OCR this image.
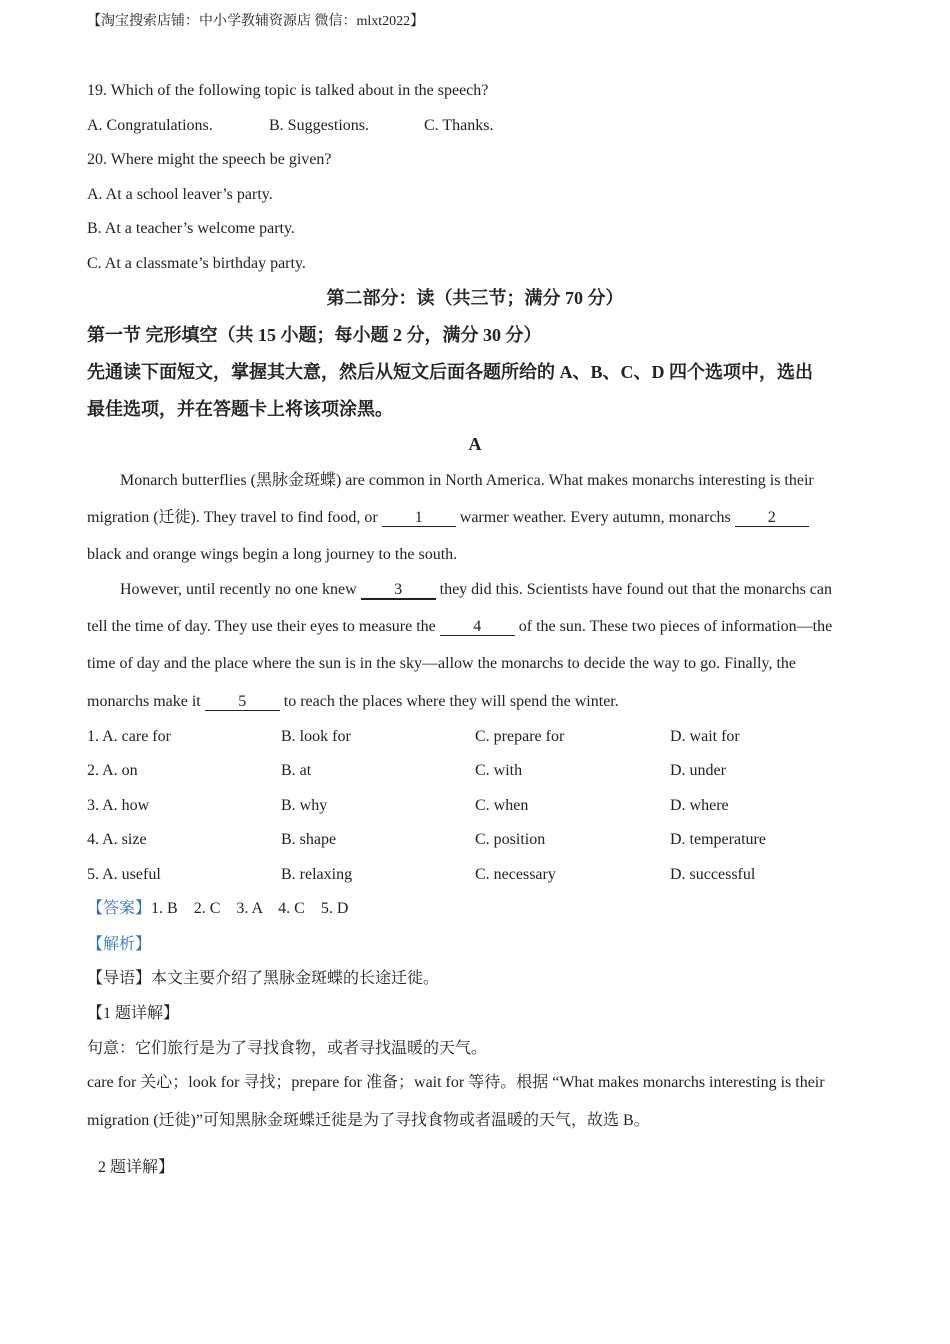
【淘宝搜索店铺：中小学教辅资源店 微信：mlxt2022】
19. Which of the following topic is talked about in the speech?
A. Congratulations.	B. Suggestions.	C. Thanks.
20. Where might the speech be given?
A. At a school leaver’s party.
B. At a teacher’s welcome party.
C. At a classmate’s birthday party.
第二部分：读（共三节；满分 70 分）
第一节 完形填空（共 15 小题；每小题 2 分，满分 30 分）
先通读下面短文，掌握其大意，然后从短文后面各题所给的 A、B、C、D 四个选项中，选出
最佳选项，并在答题卡上将该项涂黑。
A
Monarch butterflies (黑脉金斑蝶) are common in North America. What makes monarchs interesting is their
migration (迁徙). They travel to find food, or 1 warmer weather. Every autumn, monarchs 2
black and orange wings begin a long journey to the south.
However, until recently no one knew 3 they did this. Scientists have found out that the monarchs can
tell the time of day. They use their eyes to measure the 4 of the sun. These two pieces of information—the
time of day and the place where the sun is in the sky—allow the monarchs to decide the way to go. Finally, the
monarchs make it 5 to reach the places where they will spend the winter.
1. A. care for	B. look for	C. prepare for	D. wait for
2. A. on	B. at	C. with	D. under
3. A. how	B. why	C. when	D. where
4. A. size	B. shape	C. position	D. temperature
5. A. useful	B. relaxing	C. necessary	D. successful
【答案】1. B    2. C    3. A    4. C    5. D
【解析】
【导语】本文主要介绍了黑脉金斑蝶的长途迁徙。
【1 题详解】
句意：它们旅行是为了寻找食物，或者寻找温暖的天气。
care for 关心；look for 寻找；prepare for 准备；wait for 等待。根据 “What makes monarchs interesting is their
migration (迁徙)”可知黑脉金斑蝶迁徙是为了寻找食物或者温暖的天气，故选 B。
2 题详解】
